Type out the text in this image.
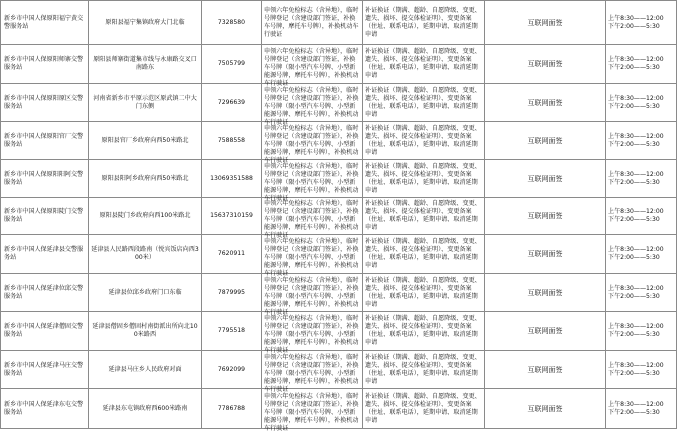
新乡市中国人保原阳福宁黄交警服务站	原阳县福宁集镇政府大门北临	7328580	申领六年免检标志（含异地），临时号牌登记（含建设部门签证，补换车号牌，摩托车号牌），补换机动车行驶证	补证换证（期满、超龄、自愿降级、变更、遗失、损坏、提交体检证明）、变更备案（住址、联系电话），延期申请、取消延期申请	互联网面签	上午8:30——12:00
下午2:00——5:30

新乡市中国人保原阳师寨交警服务站	原阳县师寨街道集市线与永康路交叉口南路东	7505799	申领六年免检标志（含异地），临时号牌登记（含建设部门签证，补换车号牌（限小型汽车号牌、小型新能源号牌，摩托车号牌），补换机动车行驶证	补证换证（期满、超龄、自愿降级、变更、遗失、损坏、提交体检证明）、变更备案（住址、联系电话），延期申请、取消延期申请	互联网面签	上午8:30——12:00
下午2:00——5:30

新乡市中国人保原阳原区交警服务站	河南省新乡市平原示范区原武镇二中大门东侧	7296639	申领六年免检标志（含异地），临时号牌登记（含建设部门签证），补换车号牌（限小型汽车号牌、小型新能源号牌、摩托车号牌），补换机动车行驶证	补证换证（期满、超龄、自愿降级、变更、遗失、损坏、提交体检证明）、变更备案（住址、联系电话），延期申请、取消延期申请	互联网面签	上午8:30——12:00
下午2:00——5:30

新乡市中国人保原阳官厂交警服务站	原阳县官厂乡政府向西50米路北	7588558	申领六年免检标志（含异地），临时号牌登记（含建设部门签证），补换车号牌（限小型汽车号牌、小型新能源号牌，摩托车号牌），补换机动车行驶证	补证换证（期满、超龄、自愿降级、变更、遗失、损坏、提交体检证明）、变更备案（住址、联系电话），延期申请、取消延期申请	互联网面签	上午8:30——12:00
下午2:00——5:30

新乡市中国人保原阳阳阿交警服务站	原阳县阳阿乡政府向西50米路北	13069351588	申领六年免检标志（含异地），临时号牌登记（含建设部门签证），补换车号牌（限小型汽车号牌、小型新能源号牌，摩托车号牌），补换机动车行驶证	补证换证（期满、超龄、自愿降级、变更、遗失、损坏、提交体检证明）、变更备案（住址、联系电话），延期申请、取消延期申请	互联网面签	上午8:30——12:00
下午2:00——5:30

新乡市中国人保原阳陡门交警服务站	原阳县陡门乡政府向西100米路北	15637310159	申领六年免检标志（含异地），临时号牌登记（含建设部门签证），补换车号牌（限小型汽车号牌、小型新能源号牌，摩托车号牌），补换机动车行驶证	补证换证（期满、超龄、自愿降级、变更、遗失、损坏、提交体检证明）、变更备案（住址、联系电话），延期申请、取消延期申请	互联网面签	上午8:30——12:00
下午2:00——5:30

新乡市中国人保延津县交警服务站	延津县人民路西段路南（悦宾饭店向西300米）	7620911	申领六年免检标志（含异地），临时号牌登记（含建设部门签证），补换车号牌（限小型汽车号牌、小型新能源号牌，摩托车号牌），补换机动车行驶证	补证换证（期满、超龄、自愿降级、变更、遗失、损坏、提交体检证明）、变更备案（住址、联系电话），延期申请、取消延期申请	互联网面签	上午8:30——12:00
下午2:00——5:30

新乡市中国人保延津位邱交警服务站	延津县位邱乡政府门口东临	7879995	申领六年免检标志（含异地），临时号牌登记（含建设部门签证），补换车号牌（限小型汽车号牌、小型新能源号牌，摩托车号牌），补换机动车行驶证	补证换证（期满、超龄、自愿降级、变更、遗失、损坏、提交体检证明）、变更备案（住址、联系电话），延期申请、取消延期申请	互联网面签	上午8:30——12:00
下午2:00——5:30

新乡市中国人保延津僧固交警服务站	延津县僧固乡僧固村南街派出所向北100米路西	7795518	申领六年免检标志（含异地），临时号牌登记（含建设部门签证），补换车号牌（限小型汽车号牌、小型新能源号牌，摩托车号牌），补换机动车行驶证	补证换证（期满、超龄、自愿降级、变更、遗失、损坏、提交体检证明）、变更备案（住址、联系电话），延期申请、取消延期申请	互联网面签	上午8:30——12:00
下午2:00——5:30

新乡市中国人保延津马庄交警服务站	延津县马庄乡人民政府对面	7692099	申领六年免检标志（含异地），临时号牌登记（含建设部门签证），补换车号牌（限小型汽车号牌、小型新能源号牌，摩托车号牌），补换机动车行驶证	补证换证（期满、超龄、自愿降级、变更、遗失、损坏、提交体检证明）、变更备案（住址、联系电话），延期申请、取消延期申请	互联网面签	上午8:30——12:00
下午2:00——5:30

新乡市中国人保延津东屯交警服务站	延津县东屯镇政府西600米路南	7786788	申领六年免检标志（含异地），临时号牌登记（含建设部门签证），补换车号牌（限小型汽车号牌、小型新能源号牌，摩托车号牌），补换机动车行驶证	补证换证（期满、超龄、自愿降级、变更、遗失、损坏、提交体检证明）、变更备案（住址、联系电话），延期申请、取消延期申请	互联网面签	上午8:30——12:00
下午2:00——5:30
